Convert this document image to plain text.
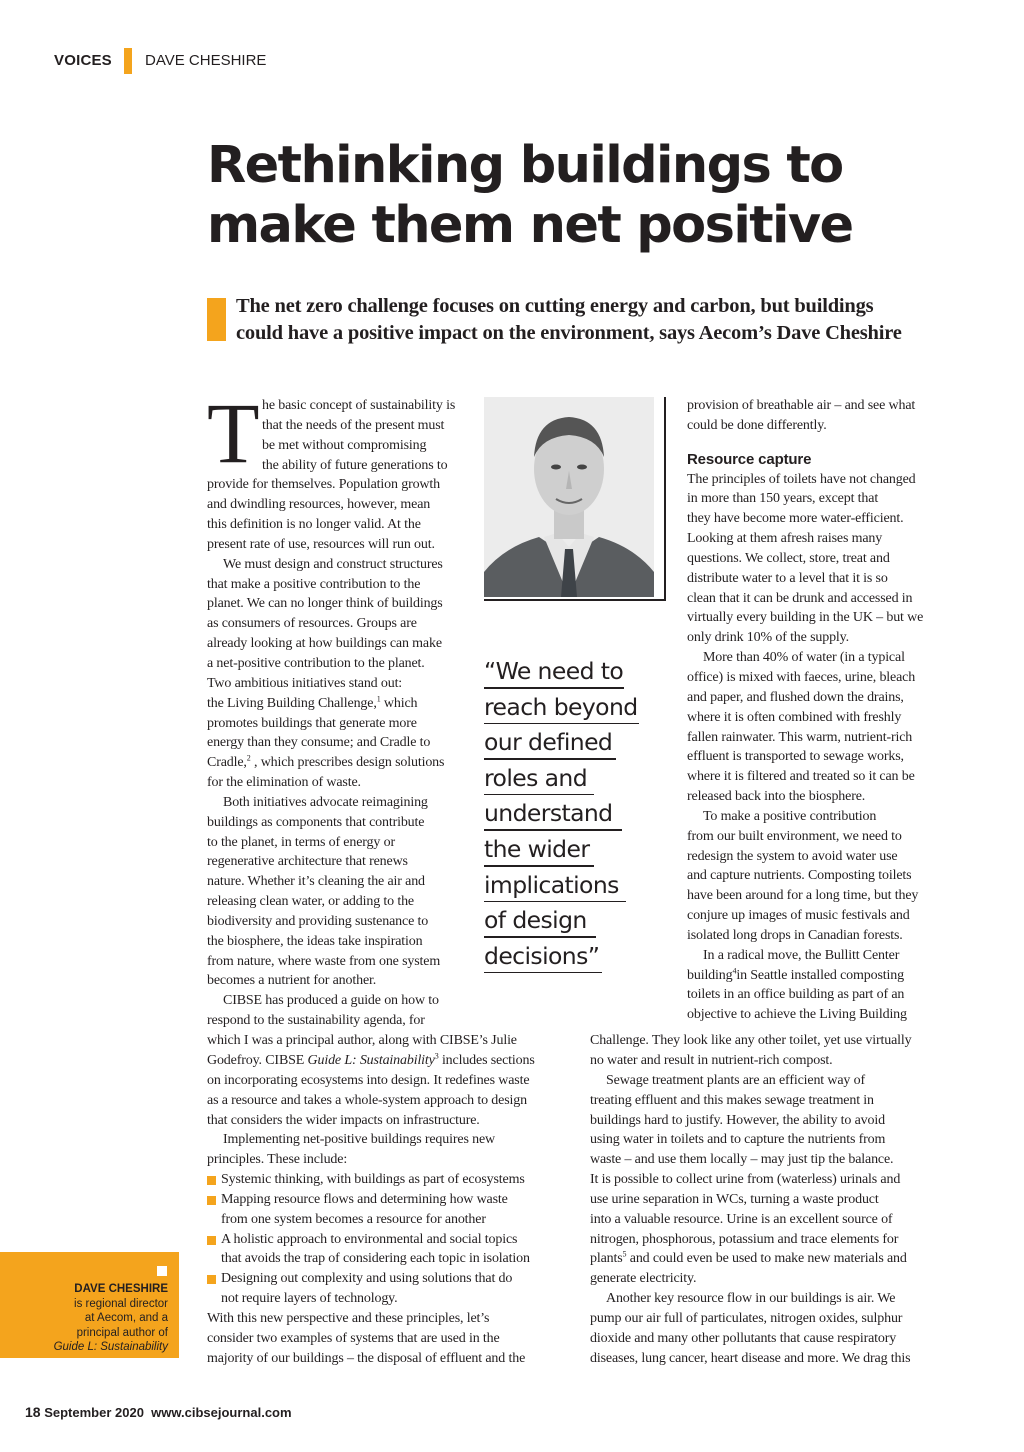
VOICES DAVE CHESHIRE
Rethinking buildings to
make them net positive
The net zero challenge focuses on cutting energy and carbon, but buildings
could have a positive impact on the environment, says Aecom’s Dave Cheshire
T he basic concept of sustainability is
that the needs of the present must
be met without compromising
the ability of future generations to
provide for themselves. Population growth
and dwindling resources, however, mean
this definition is no longer valid. At the
present rate of use, resources will run out.
We must design and construct structures
that make a positive contribution to the
planet. We can no longer think of buildings
as consumers of resources. Groups are
already looking at how buildings can make
a net-positive contribution to the planet.
Two ambitious initiatives stand out:
the Living Building Challenge,$^1$ which
promotes buildings that generate more
energy than they consume; and Cradle to
Cradle,$^2$ , which prescribes design solutions
for the elimination of waste.
Both initiatives advocate reimagining
buildings as components that contribute
to the planet, in terms of energy or
regenerative architecture that renews
nature. Whether it’s cleaning the air and
releasing clean water, or adding to the
biodiversity and providing sustenance to
the biosphere, the ideas take inspiration
from nature, where waste from one system
becomes a nutrient for another.
CIBSE has produced a guide on how to
respond to the sustainability agenda, for
which I was a principal author, along with CIBSE’s Julie
Godefroy. CIBSE Guide L: Sustainability$^3$ includes sections
on incorporating ecosystems into design. It redefines waste
as a resource and takes a whole-system approach to design
that considers the wider impacts on infrastructure.
Implementing net-positive buildings requires new
principles. These include:
Systemic thinking, with buildings as part of ecosystems
Mapping resource flows and determining how waste
from one system becomes a resource for another
A holistic approach to environmental and social topics
that avoids the trap of considering each topic in isolation
Designing out complexity and using solutions that do
not require layers of technology.
With this new perspective and these principles, let’s
consider two examples of systems that are used in the
majority of our buildings – the disposal of effluent and the
“We need to
reach beyond
our defined
roles and
understand
the wider
implications
of design
decisions”
provision of breathable air – and see what
could be done differently.
Resource capture
The principles of toilets have not changed
in more than 150 years, except that
they have become more water-efficient.
Looking at them afresh raises many
questions. We collect, store, treat and
distribute water to a level that it is so
clean that it can be drunk and accessed in
virtually every building in the UK – but we
only drink 10% of the supply.
More than 40% of water (in a typical
office) is mixed with faeces, urine, bleach
and paper, and flushed down the drains,
where it is often combined with freshly
fallen rainwater. This warm, nutrient-rich
effluent is transported to sewage works,
where it is filtered and treated so it can be
released back into the biosphere.
To make a positive contribution
from our built environment, we need to
redesign the system to avoid water use
and capture nutrients. Composting toilets
have been around for a long time, but they
conjure up images of music festivals and
isolated long drops in Canadian forests.
In a radical move, the Bullitt Center
building$^4$in Seattle installed composting
toilets in an office building as part of an
objective to achieve the Living Building
Challenge. They look like any other toilet, yet use virtually
no water and result in nutrient-rich compost.
Sewage treatment plants are an efficient way of
treating effluent and this makes sewage treatment in
buildings hard to justify. However, the ability to avoid
using water in toilets and to capture the nutrients from
waste – and use them locally – may just tip the balance.
It is possible to collect urine from (waterless) urinals and
use urine separation in WCs, turning a waste product
into a valuable resource. Urine is an excellent source of
nitrogen, phosphorous, potassium and trace elements for
plants$^5$ and could even be used to make new materials and
generate electricity.
Another key resource flow in our buildings is air. We
pump our air full of particulates, nitrogen oxides, sulphur
dioxide and many other pollutants that cause respiratory
diseases, lung cancer, heart disease and more. We drag this
DAVE CHESHIRE
is regional director
at Aecom, and a
principal author of
Guide L: Sustainability
18 September 2020 www.cibsejournal.com
